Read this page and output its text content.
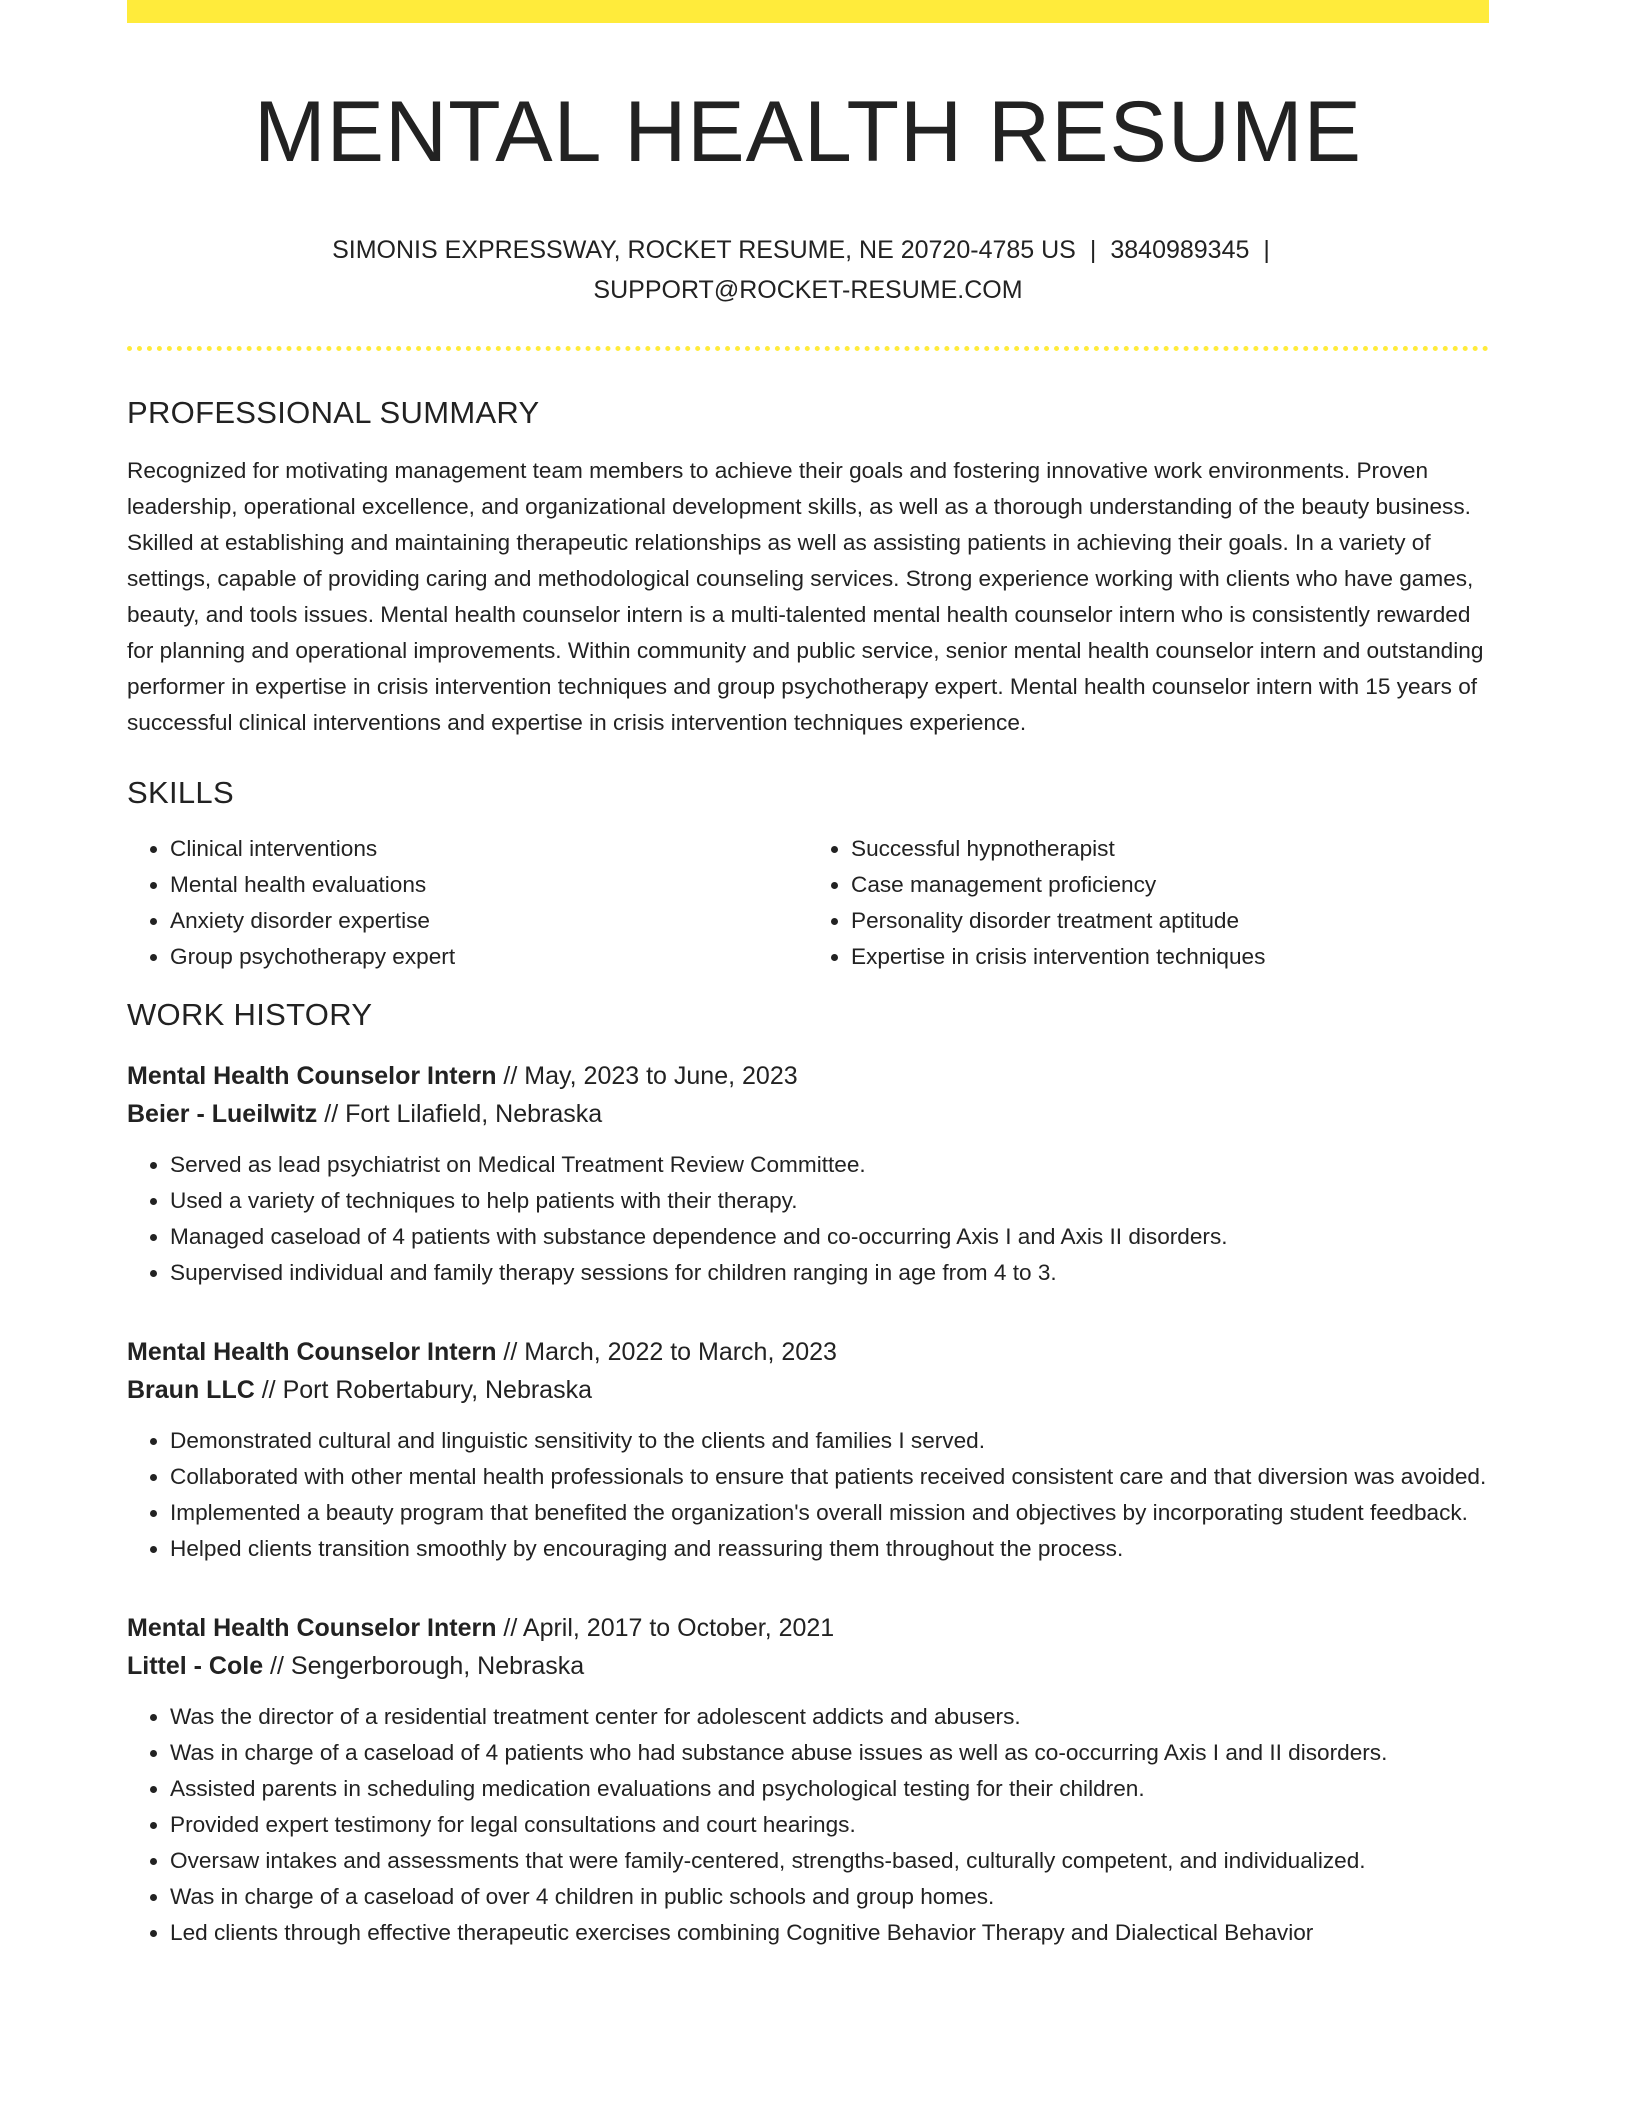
MENTAL HEALTH RESUME
SIMONIS EXPRESSWAY, ROCKET RESUME, NE 20720-4785 US | 3840989345 |
SUPPORT@ROCKET-RESUME.COM
PROFESSIONAL SUMMARY

Recognized for motivating management team members to achieve their goals and fostering innovative work environments. Proven leadership, operational excellence, and organizational development skills, as well as a thorough understanding of the beauty business. Skilled at establishing and maintaining therapeutic relationships as well as assisting patients in achieving their goals. In a variety of settings, capable of providing caring and methodological counseling services. Strong experience working with clients who have games, beauty, and tools issues. Mental health counselor intern is a multi-talented mental health counselor intern who is consistently rewarded for planning and operational improvements. Within community and public service, senior mental health counselor intern and outstanding performer in expertise in crisis intervention techniques and group psychotherapy expert. Mental health counselor intern with 15 years of successful clinical interventions and expertise in crisis intervention techniques experience.

SKILLS
• Clinical interventions
• Mental health evaluations
• Anxiety disorder expertise
• Group psychotherapy expert
• Successful hypnotherapist
• Case management proficiency
• Personality disorder treatment aptitude
• Expertise in crisis intervention techniques
WORK HISTORY
Mental Health Counselor Intern // May, 2023 to June, 2023
Beier - Lueilwitz // Fort Lilafield, Nebraska
• Served as lead psychiatrist on Medical Treatment Review Committee.
• Used a variety of techniques to help patients with their therapy.
• Managed caseload of 4 patients with substance dependence and co-occurring Axis I and Axis II disorders.
• Supervised individual and family therapy sessions for children ranging in age from 4 to 3.
Mental Health Counselor Intern // March, 2022 to March, 2023
Braun LLC // Port Robertabury, Nebraska
• Demonstrated cultural and linguistic sensitivity to the clients and families I served.
• Collaborated with other mental health professionals to ensure that patients received consistent care and that diversion was avoided.
• Implemented a beauty program that benefited the organization's overall mission and objectives by incorporating student feedback.
• Helped clients transition smoothly by encouraging and reassuring them throughout the process.
Mental Health Counselor Intern // April, 2017 to October, 2021
Littel - Cole // Sengerborough, Nebraska
• Was the director of a residential treatment center for adolescent addicts and abusers.
• Was in charge of a caseload of 4 patients who had substance abuse issues as well as co-occurring Axis I and II disorders.
• Assisted parents in scheduling medication evaluations and psychological testing for their children.
• Provided expert testimony for legal consultations and court hearings.
• Oversaw intakes and assessments that were family-centered, strengths-based, culturally competent, and individualized.
• Was in charge of a caseload of over 4 children in public schools and group homes.
• Led clients through effective therapeutic exercises combining Cognitive Behavior Therapy and Dialectical Behavior
